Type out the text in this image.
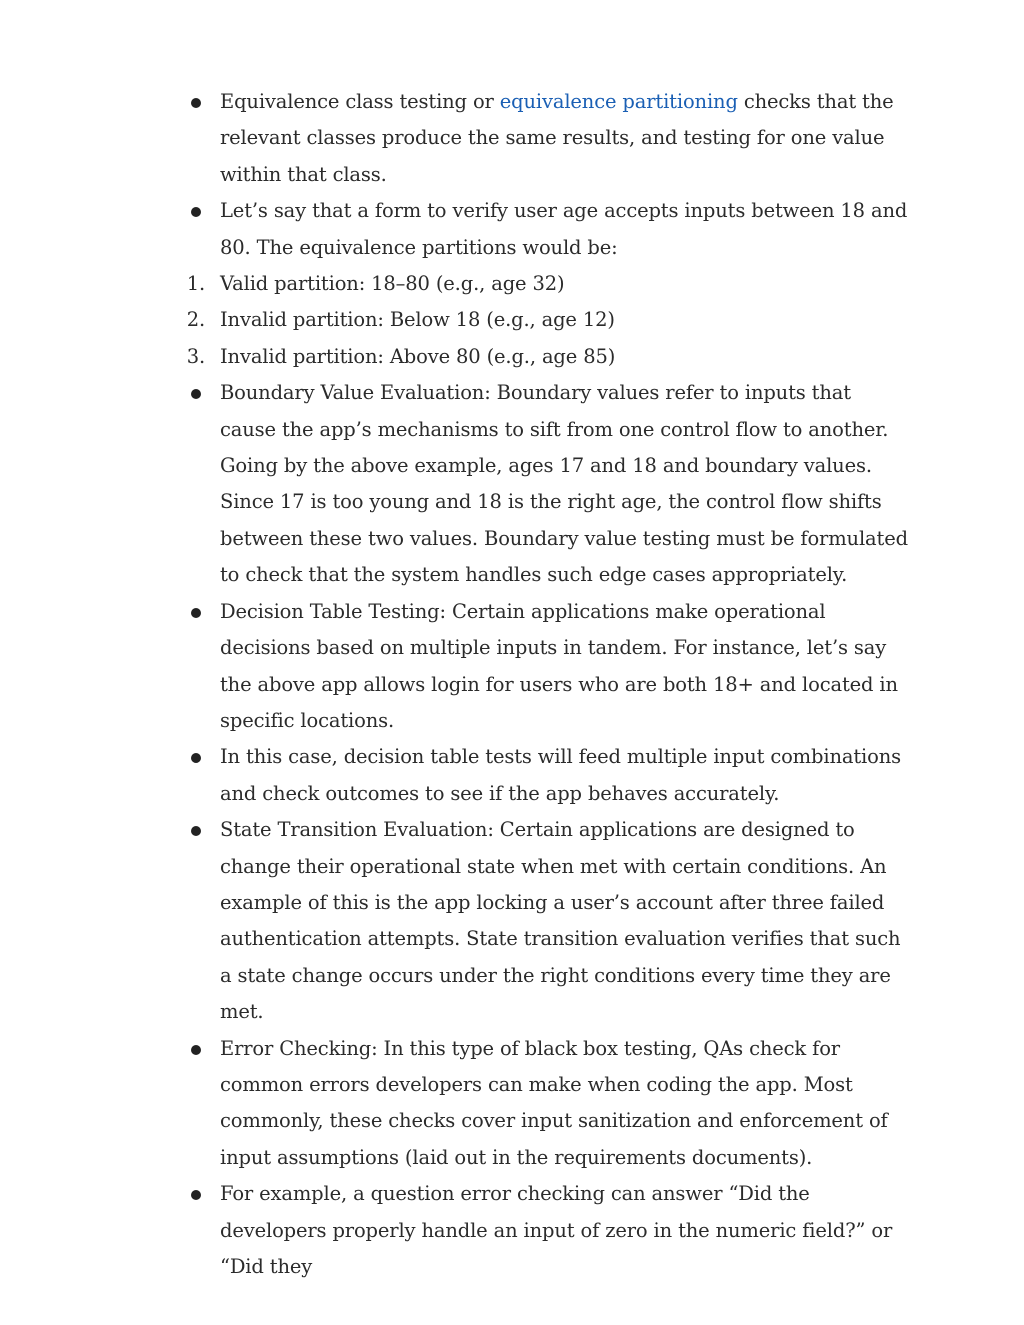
Equivalence class testing or equivalence partitioning checks that the relevant classes produce the same results, and testing for one value within that class.
Let’s say that a form to verify user age accepts inputs between 18 and 80. The equivalence partitions would be:
1. Valid partition: 18–80 (e.g., age 32)
2. Invalid partition: Below 18 (e.g., age 12)
3. Invalid partition: Above 80 (e.g., age 85)
Boundary Value Evaluation: Boundary values refer to inputs that cause the app’s mechanisms to sift from one control flow to another. Going by the above example, ages 17 and 18 and boundary values. Since 17 is too young and 18 is the right age, the control flow shifts between these two values. Boundary value testing must be formulated to check that the system handles such edge cases appropriately.
Decision Table Testing: Certain applications make operational decisions based on multiple inputs in tandem. For instance, let’s say the above app allows login for users who are both 18+ and located in specific locations.
In this case, decision table tests will feed multiple input combinations and check outcomes to see if the app behaves accurately.
State Transition Evaluation: Certain applications are designed to change their operational state when met with certain conditions. An example of this is the app locking a user’s account after three failed authentication attempts. State transition evaluation verifies that such a state change occurs under the right conditions every time they are met.
Error Checking: In this type of black box testing, QAs check for common errors developers can make when coding the app. Most commonly, these checks cover input sanitization and enforcement of input assumptions (laid out in the requirements documents).
For example, a question error checking can answer “Did the developers properly handle an input of zero in the numeric field?” or “Did they
